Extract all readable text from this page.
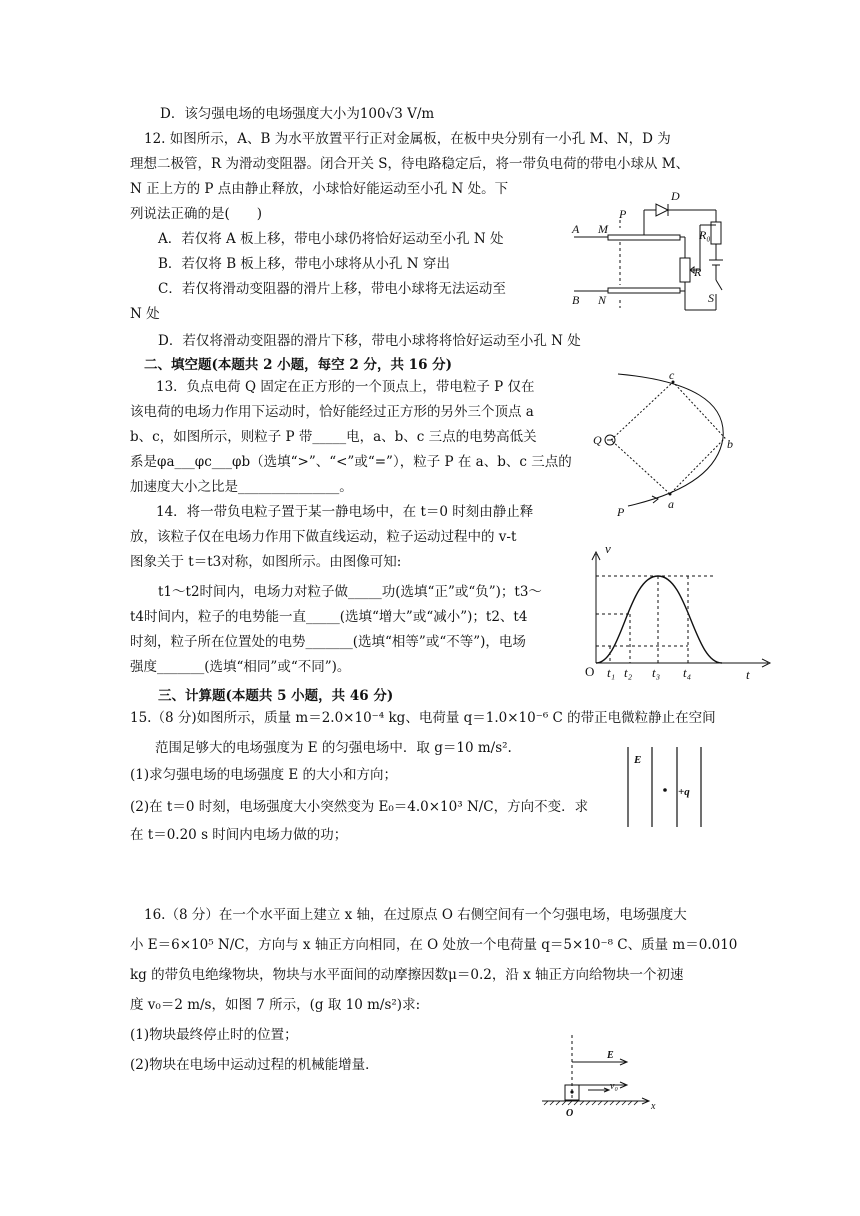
D．该匀强电场的电场强度大小为100√3 V/m
12. 如图所示，A、B 为水平放置平行正对金属板，在板中央分别有一小孔 M、N，D 为
理想二极管，R 为滑动变阻器。闭合开关 S，待电路稳定后，将一带负电荷的带电小球从 M、
N 正上方的 P 点由静止释放，小球恰好能运动至小孔 N 处。下
列说法正确的是(　　)
A．若仅将 A 板上移，带电小球仍将恰好运动至小孔 N 处
B．若仅将 B 板上移，带电小球将从小孔 N 穿出
C．若仅将滑动变阻器的滑片上移，带电小球将无法运动至
N 处
D．若仅将滑动变阻器的滑片下移，带电小球将将恰好运动至小孔 N 处
二、填空题(本题共 2 小题，每空 2 分，共 16 分)
13．负点电荷 Q 固定在正方形的一个顶点上，带电粒子 P 仅在
该电荷的电场力作用下运动时，恰好能经过正方形的另外三个顶点 a
b、c，如图所示，则粒子 P 带_____电，a、b、c 三点的电势高低关
系是φa___φc___φb（选填“>”、“<”或“=”），粒子 P 在 a、b、c 三点的
加速度大小之比是_______________。
14．将一带负电粒子置于某一静电场中，在 t＝0 时刻由静止释
放，该粒子仅在电场力作用下做直线运动，粒子运动过程中的 v-t
图象关于 t＝t3对称，如图所示。由图像可知:
t1～t2时间内，电场力对粒子做_____功(选填“正”或“负”)；t3～
t4时间内，粒子的电势能一直_____(选填“增大”或“减小”)；t2、t4
时刻，粒子所在位置处的电势_______(选填“相等”或“不等”)，电场
强度_______(选填“相同”或“不同”)。
三、计算题(本题共 5 小题，共 46 分)
15.（8 分)如图所示，质量 m＝2.0×10⁻⁴ kg、电荷量 q＝1.0×10⁻⁶ C 的带正电微粒静止在空间
范围足够大的电场强度为 E 的匀强电场中．取 g＝10 m/s².
(1)求匀强电场的电场强度 E 的大小和方向；
(2)在 t＝0 时刻，电场强度大小突然变为 E₀＝4.0×10³ N/C，方向不变．求
在 t＝0.20 s 时间内电场力做的功；
16.（8 分）在一个水平面上建立 x 轴，在过原点 O 右侧空间有一个匀强电场，电场强度大
小 E＝6×10⁵ N/C，方向与 x 轴正方向相同，在 O 处放一个电荷量 q＝5×10⁻⁸ C、质量 m＝0.010
kg 的带负电绝缘物块，物块与水平面间的动摩擦因数μ＝0.2，沿 x 轴正方向给物块一个初速
度 v₀＝2 m/s，如图 7 所示，(g 取 10 m/s²)求:
(1)物块最终停止时的位置；
(2)物块在电场中运动过程的机械能增量．
P
D
A M
B N
R₀
R
S
c
Q	b
a
P
v
O t₁ t₂ t₃ t₄	t
E
+q
E
v₀
O
x
